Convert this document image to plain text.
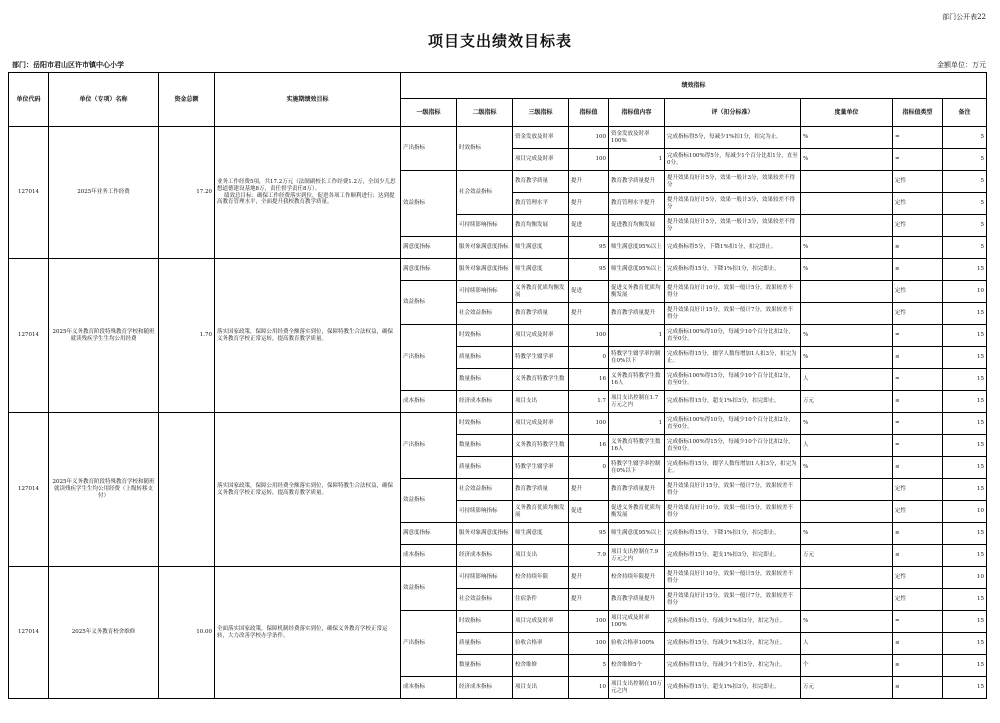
部门公开表22
项目支出绩效目标表
部门：岳阳市君山区许市镇中心小学	金额单位：万元
单位代码	单位（专项）名称	资金总额	实施期绩效目标	绩效指标								
				一级指标	二级指标	三级指标	指标值	指标值内容	评（扣分标准）	度量单位	指标值类型	备注
127014	2025年业务工作经费	17.20	业务工作经费5项，共17.2万元（法制副校长工作经费1.2万，全国少儿思想道德建设基地8万，责任督学责任8万）。
绩效总目标：确保工作经费落实到位，促进各项工作顺利进行；达到提高教育管理水平，全面提升我校教育教学质量。	产出指标	时效指标	资金发放及时率	100	资金发放及时率100%	完成指标得5分，每减少1%扣1分，扣完为止。	%	=	5
						项目完成及时率	100	1	完成指标100%得5分，每减少1个百分比扣1分，直至0分。	%	=	5
				效益指标	社会效益指标	教育教学质量	提升	教育教学质量提升	提升效果良好计5分，效果一般计3分，效果较差不得分		定性	5
						教育管理水平	提升	教育管理水平提升	提升效果良好计5分，效果一般计3分，效果较差不得分		定性	5
					可持续影响指标	教育均衡发展	促进	促进教育均衡发展	提升效果良好计5分，效果一般计3分，效果较差不得分		定性	5
				满意度指标	服务对象满意度指标	师生满意度	95	师生满意度95%以上	完成指标得5分，下降1%扣1分，扣完即止。	%	≥	5
127014	2025年义务教育阶段特殊教育学校和随班就读残疾学生生均公用经费	1.70	落实国家政策，保障公用经费全额落实到位，保障特教生合法权益，确保义务教育学校正常运转，提高教育教学质量。	满意度指标	服务对象满意度指标	师生满意度	95	师生满意度95%以上	完成指标得15分，下降1%扣1分，扣完即止。	%	≥	15
				效益指标	可持续影响指标	义务教育优质均衡发展	促进	促进义务教育优质均衡发展	提升效果良好计10分，效果一般计5分，效果较差不得分		定性	10
					社会效益指标	教育教学质量	提升	教育教学质量提升	提升效果良好计15分，效果一般计7分，效果较差不得分		定性	15
				产出指标	时效指标	项目完成及时率	100	1	完成指标100%得10分，每减少10个百分比扣2分，直至0分。	%	=	15
					质量指标	特教学生辍学率	0	特教学生辍学率控制在0%以下	完成指标得15分，辍学人数每增加1人扣3分，扣完为止。	%	≤	15
					数量指标	义务教育特教学生数	16	义务教育特教学生数16人	完成指标100%得15分，每减少10个百分比扣2分，直至0分。	人	=	15
				成本指标	经济成本指标	项目支出	1.7	项目支出控制在1.7万元之内	完成指标得15分，超支1%扣3分，扣完即止。	万元	≤	15
127014	2025年义务教育阶段特殊教育学校和随班就读残疾学生生均公用经费（上级转移支付）		落实国家政策，保障公用经费全额落实到位，保障特教生合法权益，确保义务教育学校正常运转，提高教育教学质量。	产出指标	时效指标	项目完成及时率	100	1	完成指标100%得10分，每减少10个百分比扣2分，直至0分。	%	=	15
					数量指标	义务教育特教学生数	16	义务教育特教学生数16人	完成指标100%得15分，每减少10个百分比扣2分，直至0分。	人	=	15
					质量指标	特教学生辍学率	0	特教学生辍学率控制在0%以下	完成指标得15分，辍学人数每增加1人扣3分，扣完为止。	%	≤	15
				效益指标	社会效益指标	教育教学质量	提升	教育教学质量提升	提升效果良好计15分，效果一般计7分，效果较差不得分		定性	15
					可持续影响指标	义务教育优质均衡发展	促进	促进义务教育优质均衡发展	提升效果良好计10分，效果一般计5分，效果较差不得分		定性	10
				满意度指标	服务对象满意度指标	师生满意度	95	师生满意度95%以上	完成指标得15分，下降1%扣1分，扣完即止。	%	≥	15
				成本指标	经济成本指标	项目支出	7.9	项目支出控制在7.9万元之内	完成指标得15分，超支1%扣3分，扣完即止。	万元	≤	15
127014	2025年义务教育校舍维修	10.00	全面落实国家政策，保障机制经费落实到位，确保义务教育学校正常运转，大力改善学校办学条件。	效益指标	可持续影响指标	校舍持续年限	提升	校舍持续年限提升	提升效果良好计10分，效果一般计5分，效果较差不得分		定性	10
					社会效益指标	住宿条件	提升	教育教学质量提升	提升效果良好计15分，效果一般计7分，效果较差不得分		定性	15
				产出指标	时效指标	项目完成及时率	100	项目完成及时率100%	完成指标得15分，每减少1%扣3分，扣完为止。	%	=	15
					质量指标	验收合格率	100	验收合格率100%	完成指标得15分，每减少1%扣3分，扣完为止。	人	≤	15
					数量指标	校舍维修	5	校舍维修5个	完成指标得15分，每减少1个扣5分，扣完为止。	个	≥	15
				成本指标	经济成本指标	项目支出	10	项目支出控制在10万元之内	完成指标得15分，超支1%扣3分，扣完即止。	万元	≤	15
